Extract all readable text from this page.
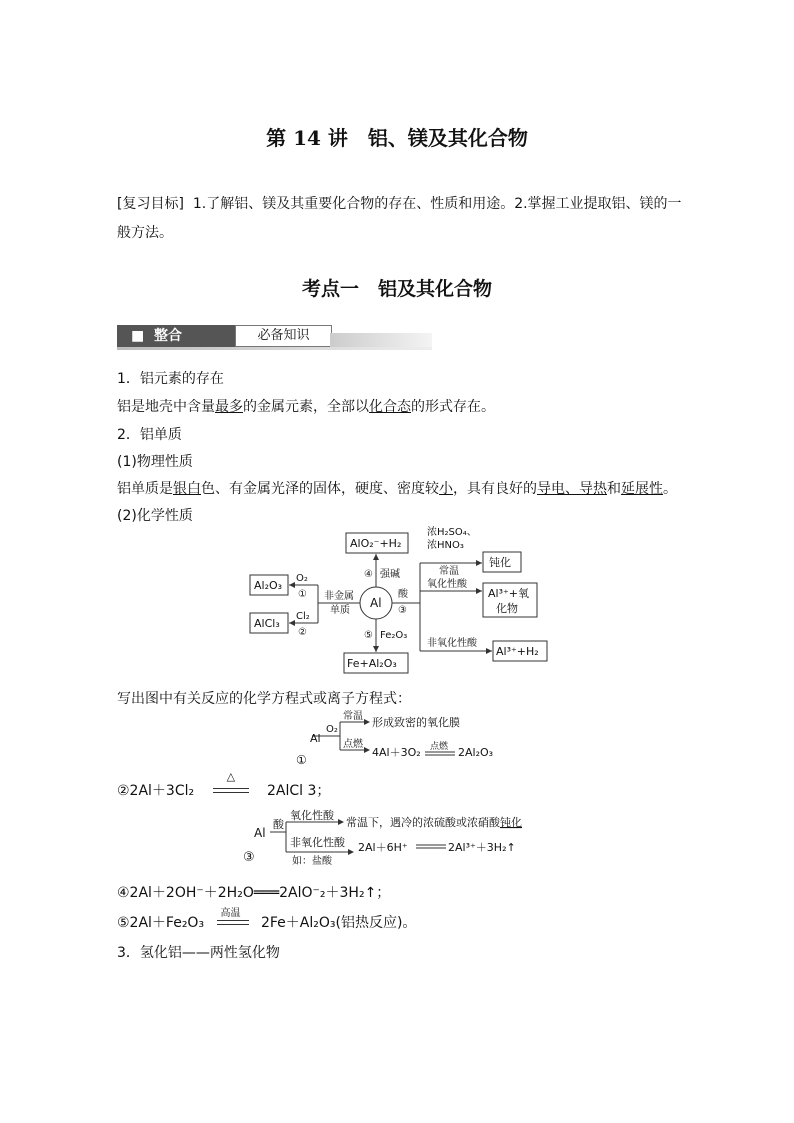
第 14 讲　铝、镁及其化合物
[复习目标] 1.了解铝、镁及其重要化合物的存在、性质和用途。2.掌握工业提取铝、镁的一
般方法。
考点一　铝及其化合物
■  整合	必备知识
1．铝元素的存在
铝是地壳中含量最多的金属元素，全部以化合态的形式存在。
2．铝单质
(1)物理性质
铝单质是银白色、有金属光泽的固体，硬度、密度较小，具有良好的导电、导热和延展性。
(2)化学性质
Al
AlO₂⁻+H₂
④ 强碱
Al₂O₃
O₂
①
Cl₂
②
AlCl₃
非金属
单质
酸
③
⑤ Fe₂O₃
Fe+Al₂O₃
浓H₂SO₄、
浓HNO₃
常温
钝化
氧化性酸
Al³⁺+氧
化物
非氧化性酸
Al³⁺+H₂
写出图中有关反应的化学方程式或离子方程式：
Al
O₂
常温 形成致密的氧化膜
点燃
4Al＋3O₂ 点燃 2Al₂O₃
①
②2Al＋3Cl₂
△
2AlCl 3；
Al
酸
氧化性酸
常温下，遇冷的浓硫酸或浓硝酸钝化
非氧化性酸
如：盐酸
2Al＋6H⁺	2Al³⁺＋3H₂↑
③
④2Al＋2OH⁻＋2H₂O═══2AlO⁻₂＋3H₂↑；
⑤2Al＋Fe₂O₃
高温
2Fe＋Al₂O₃(铝热反应)。
3．氢化铝——两性氢化物
